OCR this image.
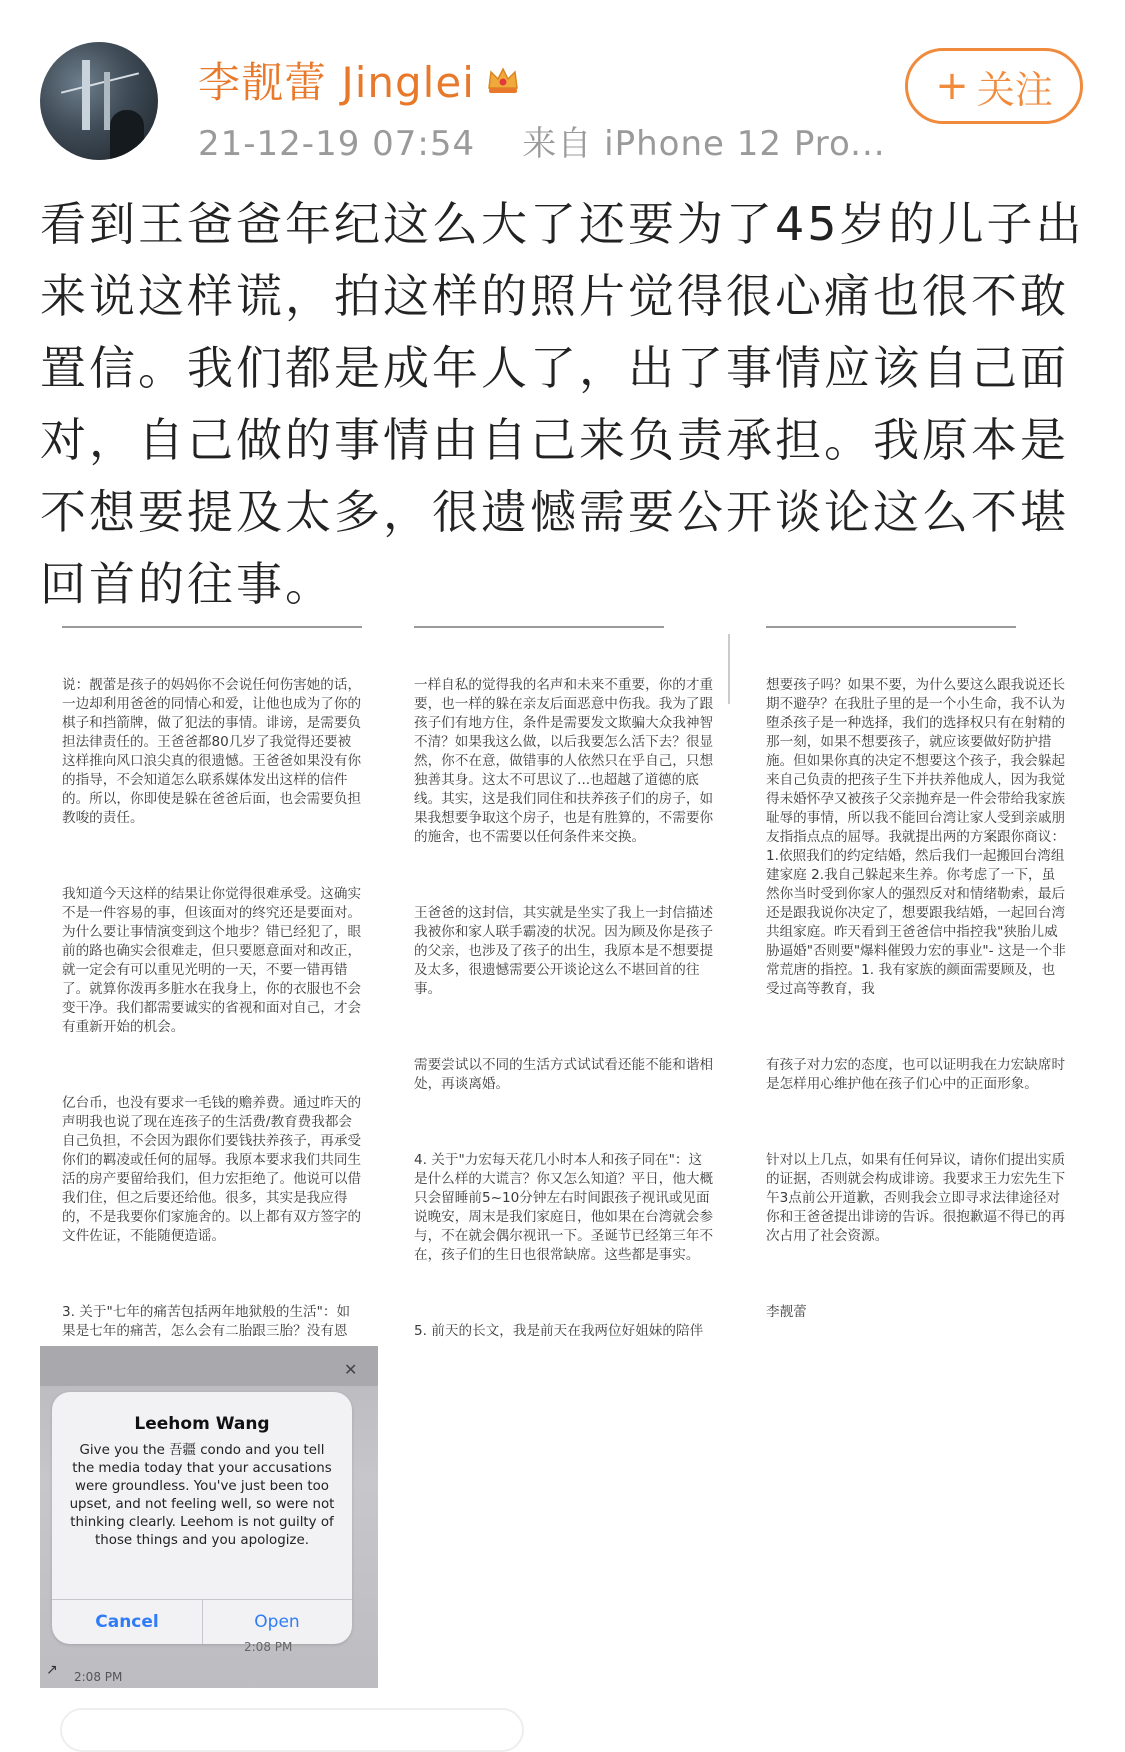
李靓蕾 Jinglei
21-12-19 07:54 来自 iPhone 12 Pro...
+ 关注
看到王爸爸年纪这么大了还要为了45岁的儿子出来说这样谎，拍这样的照片觉得很心痛也很不敢置信。我们都是成年人了，出了事情应该自己面对，自己做的事情由自己来负责承担。我原本是不想要提及太多，很遗憾需要公开谈论这么不堪回首的往事。

说：靓蕾是孩子的妈妈你不会说任何伤害她的话，一边却利用爸爸的同情心和爱，让他也成为了你的棋子和挡箭牌，做了犯法的事情。诽谤，是需要负担法律责任的。王爸爸都80几岁了我觉得还要被这样推向风口浪尖真的很遗憾。王爸爸如果没有你的指导，不会知道怎么联系媒体发出这样的信件的。所以，你即使是躲在爸爸后面，也会需要负担教唆的责任。

我知道今天这样的结果让你觉得很难承受。这确实不是一件容易的事，但该面对的终究还是要面对。为什么要让事情演变到这个地步？错已经犯了，眼前的路也确实会很难走，但只要愿意面对和改正，就一定会有可以重见光明的一天，不要一错再错了。就算你泼再多脏水在我身上，你的衣服也不会变干净。我们都需要诚实的省视和面对自己，才会有重新开始的机会。

亿台币，也没有要求一毛钱的赡养费。通过昨天的声明我也说了现在连孩子的生活费/教育费我都会自己负担，不会因为跟你们要钱扶养孩子，再承受你们的羁凌或任何的屈辱。我原本要求我们共同生活的房产要留给我们，但力宏拒绝了。他说可以借我们住，但之后要还给他。很多，其实是我应得的，不是我要你们家施舍的。以上都有双方签字的文件佐证，不能随便造谣。

3. 关于"七年的痛苦包括两年地狱般的生活"：如果是七年的痛苦，怎么会有二胎跟三胎？没有恩

一样自私的觉得我的名声和未来不重要，你的才重要，也一样的躲在亲友后面恶意中伤我。我为了跟孩子们有地方住，条件是需要发文欺骗大众我神智不清？如果我这么做，以后我要怎么活下去？很显然，你不在意，做错事的人依然只在乎自己，只想独善其身。这太不可思议了...也超越了道德的底线。其实，这是我们同住和扶养孩子们的房子，如果我想要争取这个房子，也是有胜算的，不需要你的施舍，也不需要以任何条件来交换。

王爸爸的这封信，其实就是坐实了我上一封信描述我被你和家人联手霸凌的状况。因为顾及你是孩子的父亲，也涉及了孩子的出生，我原本是不想要提及太多，很遗憾需要公开谈论这么不堪回首的往事。

需要尝试以不同的生活方式试试看还能不能和谐相处，再谈离婚。

4. 关于"力宏每天花几小时本人和孩子同在"：这是什么样的大谎言？你又怎么知道？平日，他大概只会留睡前5~10分钟左右时间跟孩子视讯或见面说晚安，周末是我们家庭日，他如果在台湾就会参与，不在就会偶尔视讯一下。圣诞节已经第三年不在，孩子们的生日也很常缺席。这些都是事实。

5. 前天的长文，我是前天在我两位好姐妹的陪伴

想要孩子吗？如果不要，为什么要这么跟我说还长期不避孕？在我肚子里的是一个小生命，我不认为堕杀孩子是一种选择，我们的选择权只有在射精的那一刻，如果不想要孩子，就应该要做好防护措施。但如果你真的决定不想要这个孩子，我会躲起来自己负责的把孩子生下并扶养他成人，因为我觉得未婚怀孕又被孩子父亲抛弃是一件会带给我家族耻辱的事情，所以我不能回台湾让家人受到亲戚朋友指指点点的屈辱。我就提出两的方案跟你商议：1.依照我们的约定结婚，然后我们一起搬回台湾组建家庭 2.我自己躲起来生养。你考虑了一下，虽然你当时受到你家人的强烈反对和情绪勒索，最后还是跟我说你决定了，想要跟我结婚，一起回台湾共组家庭。昨天看到王爸爸信中指控我"狭胎儿威胁逼婚"否则要"爆料催毁力宏的事业"- 这是一个非常荒唐的指控。1. 我有家族的颜面需要顾及，也受过高等教育，我

有孩子对力宏的态度，也可以证明我在力宏缺席时是怎样用心维护他在孩子们心中的正面形象。

针对以上几点，如果有任何异议，请你们提出实质的证据，否则就会构成诽谤。我要求王力宏先生下午3点前公开道歉，否则我会立即寻求法律途径对你和王爸爸提出诽谤的告诉。很抱歉逼不得已的再次占用了社会资源。

李靓蕾

✕
Leehom Wang
Give you the 吾疆 condo and you tell the media today that your accusations were groundless. You've just been too upset, and not feeling well, so were not thinking clearly. Leehom is not guilty of those things and you apologize.
Cancel	Open
2:08 PM
↗ 2:08 PM
